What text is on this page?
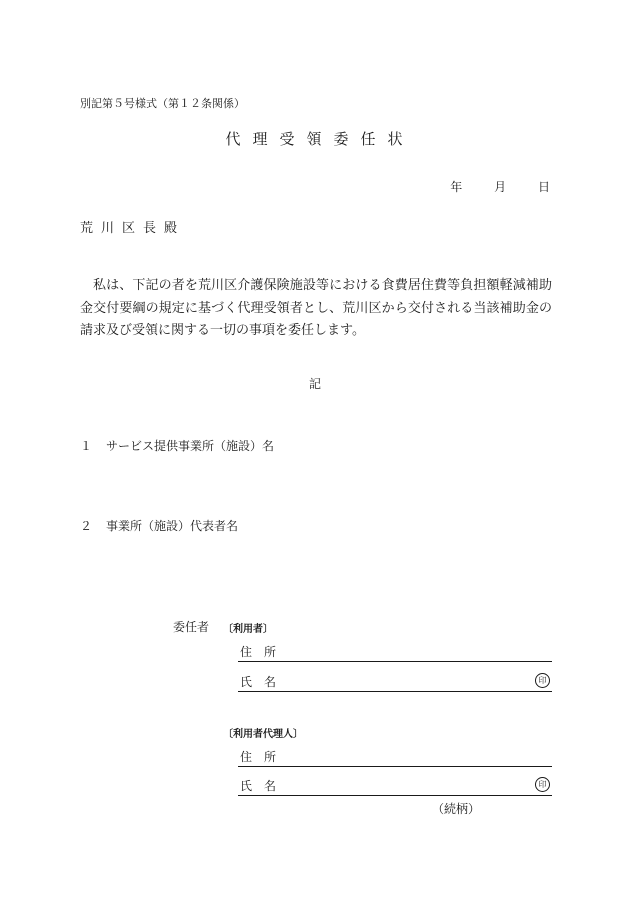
別記第５号様式（第１２条関係）
代理受領委任状
年	月	日
荒川区長殿
私は、下記の者を荒川区介護保険施設等における食費居住費等負担額軽減補助金交付要綱の規定に基づく代理受領者とし、荒川区から交付される当該補助金の請求及び受領に関する一切の事項を委任します。
記
１ サービス提供事業所（施設）名
２ 事業所（施設）代表者名
委任者 〔利用者〕
住所
氏名	印
〔利用者代理人〕
住所
氏名	印
（続柄）
